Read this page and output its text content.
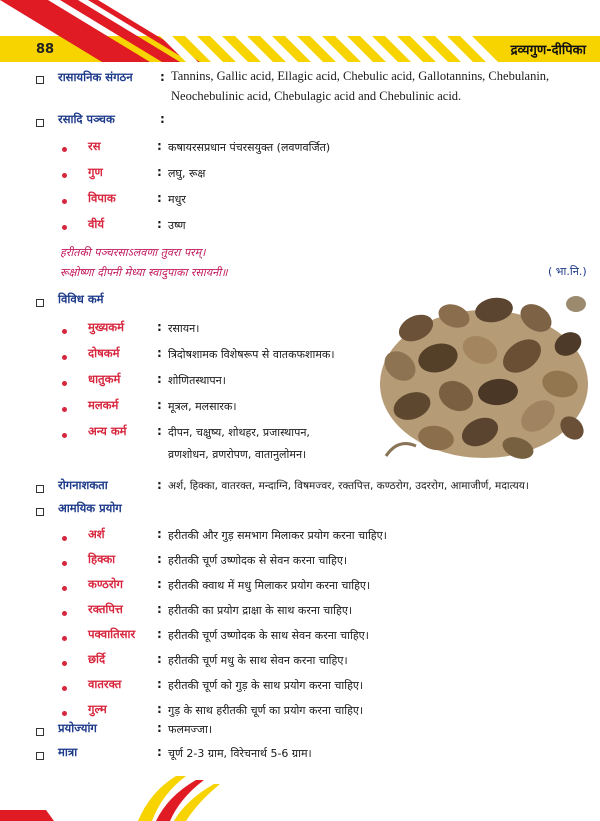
88	द्रव्यगुण-दीपिका
रासायनिक संगठन : Tannins, Gallic acid, Ellagic acid, Chebulic acid, Gallotannins, Chebulanin,
Neochebulinic acid, Chebulagic acid and Chebulinic acid.
रसादि पञ्चक	:
रस	: कषायरसप्रधान पंचरसयुक्त (लवणवर्जित)
गुण	: लघु, रूक्ष
विपाक	: मधुर
वीर्य	: उष्ण
हरीतकी पञ्चरसाऽलवणा तुवरा परम्।
रूक्षोष्णा दीपनी मेध्या स्वादुपाका रसायनी॥	( भा.नि.)
विविध कर्म
मुख्यकर्म	: रसायन।
दोषकर्म	: त्रिदोषशामक विशेषरूप से वातकफशामक।
धातुकर्म	: शोणितस्थापन।
मलकर्म	: मूत्रल, मलसारक।
अन्य कर्म	: दीपन, चक्षुष्य, शोथहर, प्रजास्थापन,
व्रणशोधन, व्रणरोपण, वातानुलोमन।
रोगनाशकता	: अर्श, हिक्का, वातरक्त, मन्दाग्नि, विषमज्वर, रक्तपित्त, कण्ठरोग, उदररोग, आमाजीर्ण, मदात्यय।
आमयिक प्रयोग
अर्श	: हरीतकी और गुड़ समभाग मिलाकर प्रयोग करना चाहिए।
हिक्का	: हरीतकी चूर्ण उष्णोदक से सेवन करना चाहिए।
कण्ठरोग	: हरीतकी क्वाथ में मधु मिलाकर प्रयोग करना चाहिए।
रक्तपित्त	: हरीतकी का प्रयोग द्राक्षा के साथ करना चाहिए।
पक्वातिसार : हरीतकी चूर्ण उष्णोदक के साथ सेवन करना चाहिए।
छर्दि	: हरीतकी चूर्ण मधु के साथ सेवन करना चाहिए।
वातरक्त	: हरीतकी चूर्ण को गुड़ के साथ प्रयोग करना चाहिए।
गुल्म	: गुड़ के साथ हरीतकी चूर्ण का प्रयोग करना चाहिए।
प्रयोज्यांग	: फलमज्जा।
मात्रा	: चूर्ण 2-3 ग्राम, विरेचनार्थ 5-6 ग्राम।
